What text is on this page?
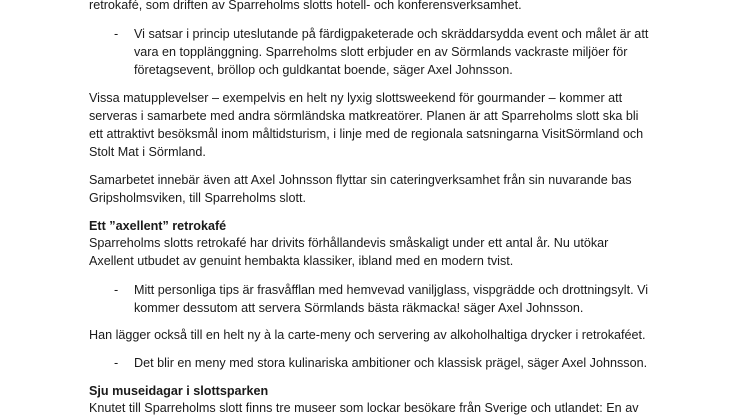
retrokafé, som driften av Sparreholms slotts hotell- och konferensverksamhet.
- Vi satsar i princip uteslutande på färdigpaketerade och skräddarsydda event och målet är att
vara en topplänggning. Sparreholms slott erbjuder en av Sörmlands vackraste miljöer för
företagsevent, bröllop och guldkantat boende, säger Axel Johnsson.
Vissa matupplevelser – exempelvis en helt ny lyxig slottsweekend för gourmander – kommer att
serveras i samarbete med andra sörmländska matkreatörer. Planen är att Sparreholms slott ska bli
ett attraktivt besöksmål inom måltidsturism, i linje med de regionala satsningarna VisitSörmland och
Stolt Mat i Sörmland.
Samarbetet innebär även att Axel Johnsson flyttar sin cateringverksamhet från sin nuvarande bas
Gripsholmsviken, till Sparreholms slott.
Ett ”axellent” retrokafé
Sparreholms slotts retrokafé har drivits förhållandevis småskaligt under ett antal år. Nu utökar
Axellent utbudet av genuint hembakta klassiker, ibland med en modern tvist.
- Mitt personliga tips är frasvåfflan med hemvevad vaniljglass, vispgrädde och drottningsylt. Vi
kommer dessutom att servera Sörmlands bästa räkmacka! säger Axel Johnsson.
Han lägger också till en helt ny à la carte-meny och servering av alkoholhaltiga drycker i retrokaféet.
- Det blir en meny med stora kulinariska ambitioner och klassisk prägel, säger Axel Johnsson.
Sju museidagar i slottsparken
Knutet till Sparreholms slott finns tre museer som lockar besökare från Sverige och utlandet: En av
